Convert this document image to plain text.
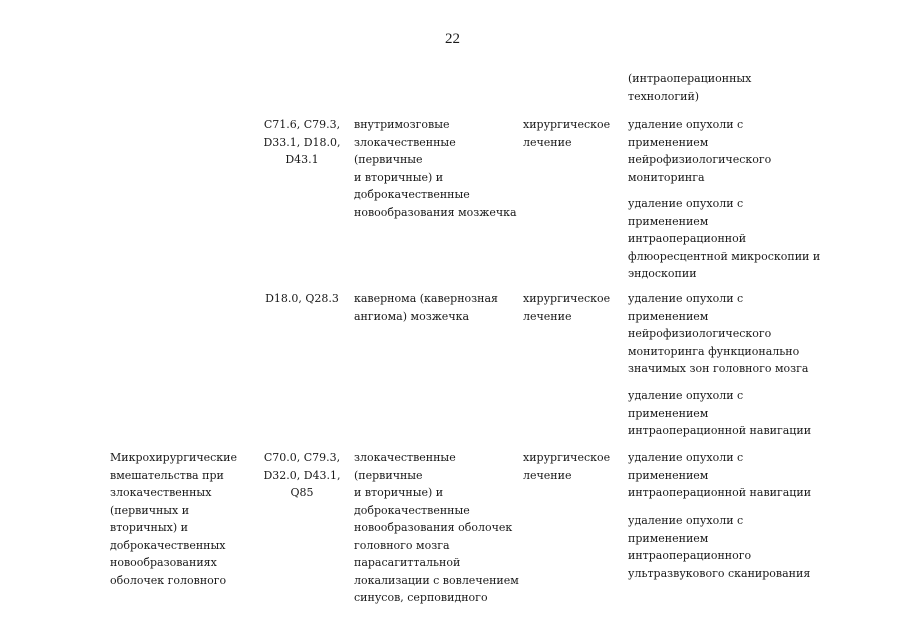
22

(интраоперационных
технологий)

C71.6, C79.3,
D33.1, D18.0,
D43.1

внутримозговые
злокачественные (первичные
и вторичные) и
доброкачественные
новообразования мозжечка

хирургическое
лечение

удаление опухоли с
применением
нейрофизиологического
мониторинга

удаление опухоли с
применением
интраоперационной
флюоресцентной микроскопии и
эндоскопии

D18.0, Q28.3	кавернома (кавернозная
ангиома) мозжечка

хирургическое
лечение

удаление опухоли с
применением
нейрофизиологического
мониторинга функционально
значимых зон головного мозга

удаление опухоли с
применением
интраоперационной навигации

Микрохирургические
вмешательства при
злокачественных
(первичных и
вторичных) и
доброкачественных
новообразованиях
оболочек головного

C70.0, C79.3,
D32.0, D43.1,
Q85

злокачественные (первичные
и вторичные) и
доброкачественные
новообразования оболочек
головного мозга
парасагиттальной
локализации с вовлечением
синусов, серповидного

хирургическое
лечение

удаление опухоли с
применением
интраоперационной навигации

удаление опухоли с
применением
интраоперационного
ультразвукового сканирования
